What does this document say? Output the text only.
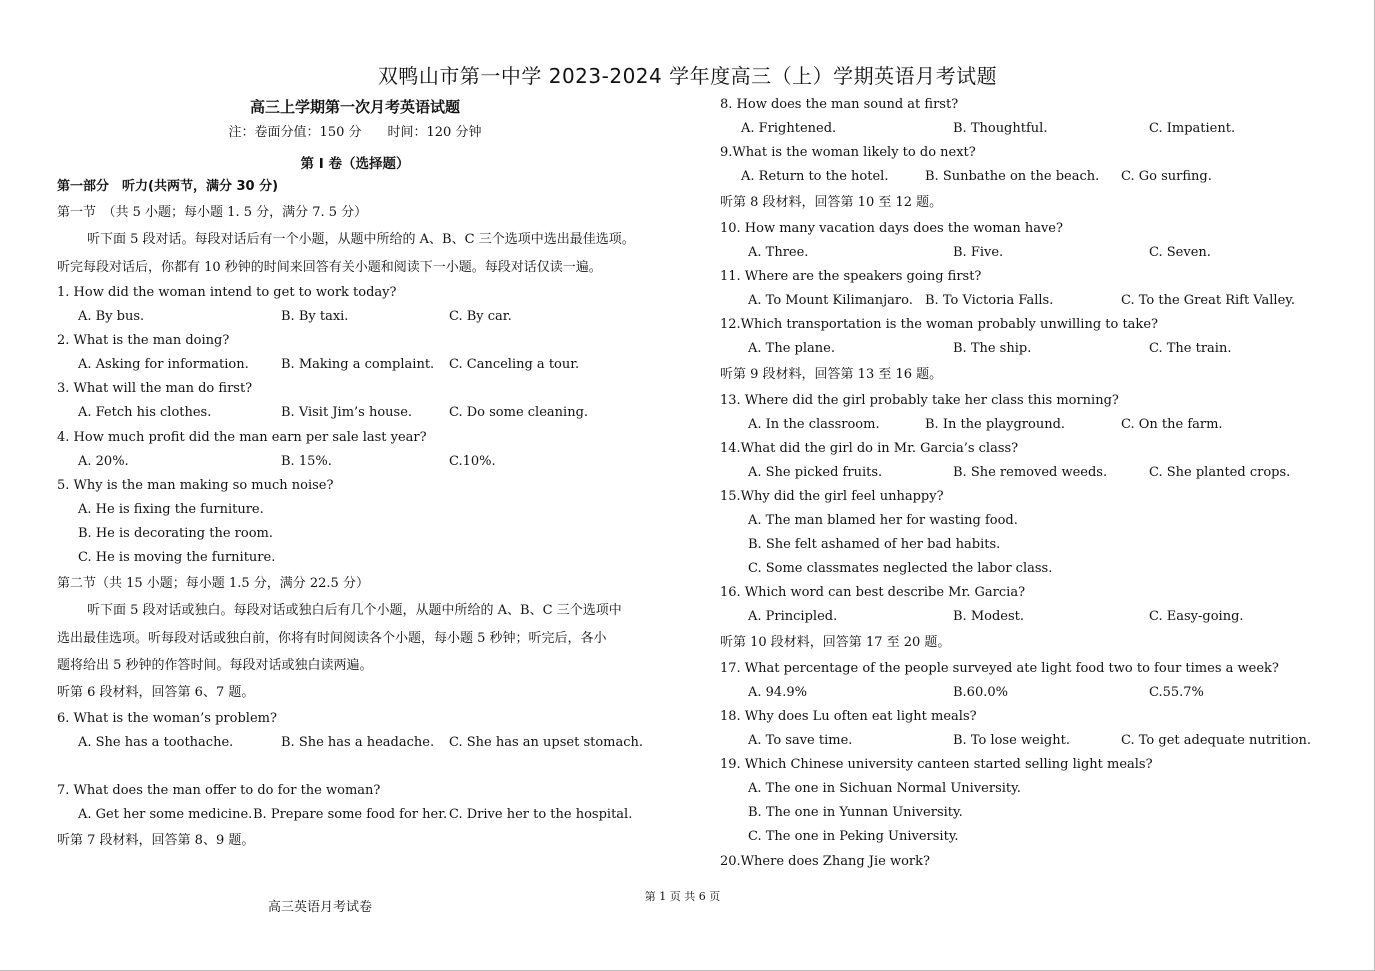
双鸭山市第一中学 2023-2024 学年度高三（上）学期英语月考试题
高三上学期第一次月考英语试题
注：卷面分值：150 分　　时间：120 分钟
第 Ⅰ 卷（选择题）
第一部分　听力(共两节，满分 30 分)
第一节　（共 5 小题；每小题 1. 5 分，满分 7. 5 分）
听下面 5 段对话。每段对话后有一个小题，从题中所给的 A、B、C 三个选项中选出最佳选项。
听完每段对话后，你都有 10 秒钟的时间来回答有关小题和阅读下一小题。每段对话仅读一遍。
1. How did the woman intend to get to work today?
A. By bus.	B. By taxi.	C. By car.
2. What is the man doing?
A. Asking for information. B. Making a complaint. C. Canceling a tour.
3. What will the man do first?
A. Fetch his clothes.	B. Visit Jim’s house.	C. Do some cleaning.
4. How much profit did the man earn per sale last year?
A. 20%.	B. 15%.	C.10%.
5. Why is the man making so much noise?
A. He is fixing the furniture.
B. He is decorating the room.
C. He is moving the furniture.
第二节（共 15 小题；每小题 1.5 分，满分 22.5 分）
听下面 5 段对话或独白。每段对话或独白后有几个小题，从题中所给的 A、B、C 三个选项中
选出最佳选项。听每段对话或独白前，你将有时间阅读各个小题，每小题 5 秒钟；听完后，各小
题将给出 5 秒钟的作答时间。每段对话或独白读两遍。
听第 6 段材料，回答第 6、7 题。
6. What is the woman’s problem?
A. She has a toothache.	B. She has a headache. C. She has an upset stomach.
7. What does the man offer to do for the woman?
A. Get her some medicine. B. Prepare some food for her. C. Drive her to the hospital.
听第 7 段材料，回答第 8、9 题。
8. How does the man sound at first?
A. Frightened.	B. Thoughtful.	C. Impatient.
9.What is the woman likely to do next?
A. Return to the hotel.	B. Sunbathe on the beach. C. Go surfing.
听第 8 段材料，回答第 10 至 12 题。
10. How many vacation days does the woman have?
A. Three.	B. Five.	C. Seven.
11. Where are the speakers going first?
A. To Mount Kilimanjaro. B. To Victoria Falls.	C. To the Great Rift Valley.
12.Which transportation is the woman probably unwilling to take?
A. The plane.	B. The ship.	C. The train.
听第 9 段材料，回答第 13 至 16 题。
13. Where did the girl probably take her class this morning?
A. In the classroom.	B. In the playground.	C. On the farm.
14.What did the girl do in Mr. Garcia’s class?
A. She picked fruits.	B. She removed weeds.	C. She planted crops.
15.Why did the girl feel unhappy?
A. The man blamed her for wasting food.
B. She felt ashamed of her bad habits.
C. Some classmates neglected the labor class.
16. Which word can best describe Mr. Garcia?
A. Principled.	B. Modest.	C. Easy-going.
听第 10 段材料，回答第 17 至 20 题。
17. What percentage of the people surveyed ate light food two to four times a week?
A. 94.9%	B.60.0%	C.55.7%
18. Why does Lu often eat light meals?
A. To save time.	B. To lose weight.	C. To get adequate nutrition.
19. Which Chinese university canteen started selling light meals?
A. The one in Sichuan Normal University.
B. The one in Yunnan University.
C. The one in Peking University.
20.Where does Zhang Jie work?
第 1 页 共 6 页
高三英语月考试卷
